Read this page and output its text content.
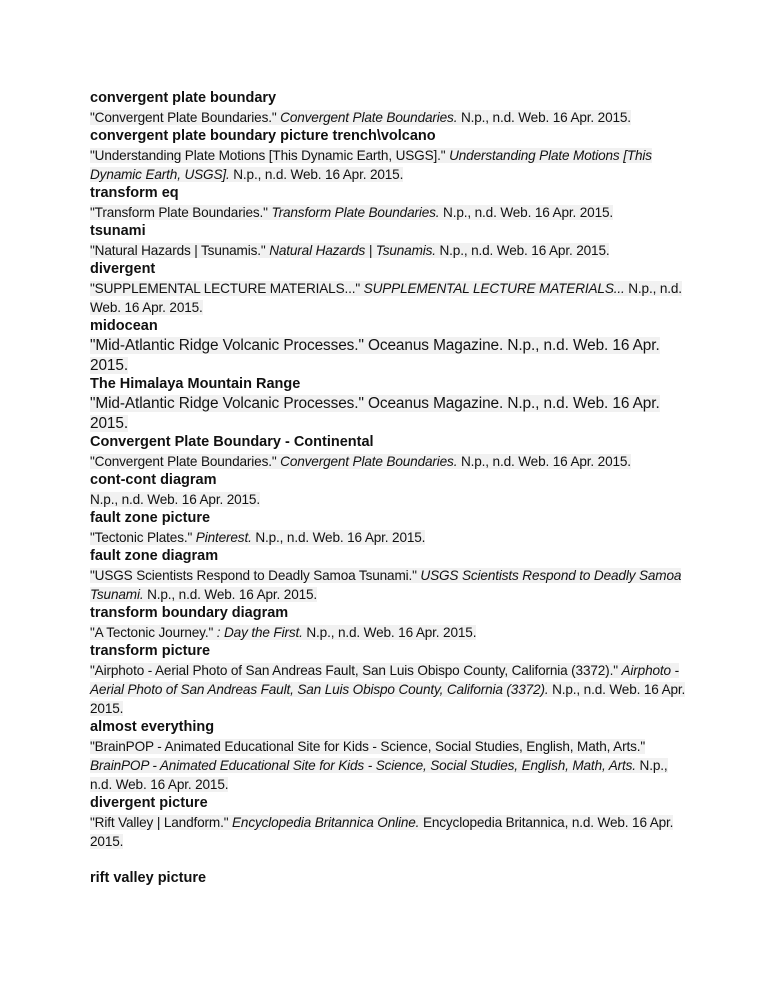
convergent plate boundary
"Convergent Plate Boundaries." Convergent Plate Boundaries. N.p., n.d. Web. 16 Apr. 2015.
convergent plate boundary picture trench\volcano
"Understanding Plate Motions [This Dynamic Earth, USGS]." Understanding Plate Motions [This Dynamic Earth, USGS]. N.p., n.d. Web. 16 Apr. 2015.
transform eq
"Transform Plate Boundaries." Transform Plate Boundaries. N.p., n.d. Web. 16 Apr. 2015.
tsunami
"Natural Hazards | Tsunamis." Natural Hazards | Tsunamis. N.p., n.d. Web. 16 Apr. 2015.
divergent
"SUPPLEMENTAL LECTURE MATERIALS..." SUPPLEMENTAL LECTURE MATERIALS... N.p., n.d. Web. 16 Apr. 2015.
midocean
"Mid-Atlantic Ridge Volcanic Processes." Oceanus Magazine. N.p., n.d. Web. 16 Apr. 2015.
The Himalaya Mountain Range
"Mid-Atlantic Ridge Volcanic Processes." Oceanus Magazine. N.p., n.d. Web. 16 Apr. 2015.
Convergent Plate Boundary - Continental
"Convergent Plate Boundaries." Convergent Plate Boundaries. N.p., n.d. Web. 16 Apr. 2015.
cont-cont diagram
N.p., n.d. Web. 16 Apr. 2015.
fault zone picture
"Tectonic Plates." Pinterest. N.p., n.d. Web. 16 Apr. 2015.
fault zone diagram
"USGS Scientists Respond to Deadly Samoa Tsunami." USGS Scientists Respond to Deadly Samoa Tsunami. N.p., n.d. Web. 16 Apr. 2015.
transform boundary diagram
"A Tectonic Journey." : Day the First. N.p., n.d. Web. 16 Apr. 2015.
transform picture
"Airphoto - Aerial Photo of San Andreas Fault, San Luis Obispo County, California (3372)." Airphoto - Aerial Photo of San Andreas Fault, San Luis Obispo County, California (3372). N.p., n.d. Web. 16 Apr. 2015.
almost everything
"BrainPOP - Animated Educational Site for Kids - Science, Social Studies, English, Math, Arts." BrainPOP - Animated Educational Site for Kids - Science, Social Studies, English, Math, Arts. N.p., n.d. Web. 16 Apr. 2015.
divergent picture
"Rift Valley | Landform." Encyclopedia Britannica Online. Encyclopedia Britannica, n.d. Web. 16 Apr. 2015.
rift valley picture
